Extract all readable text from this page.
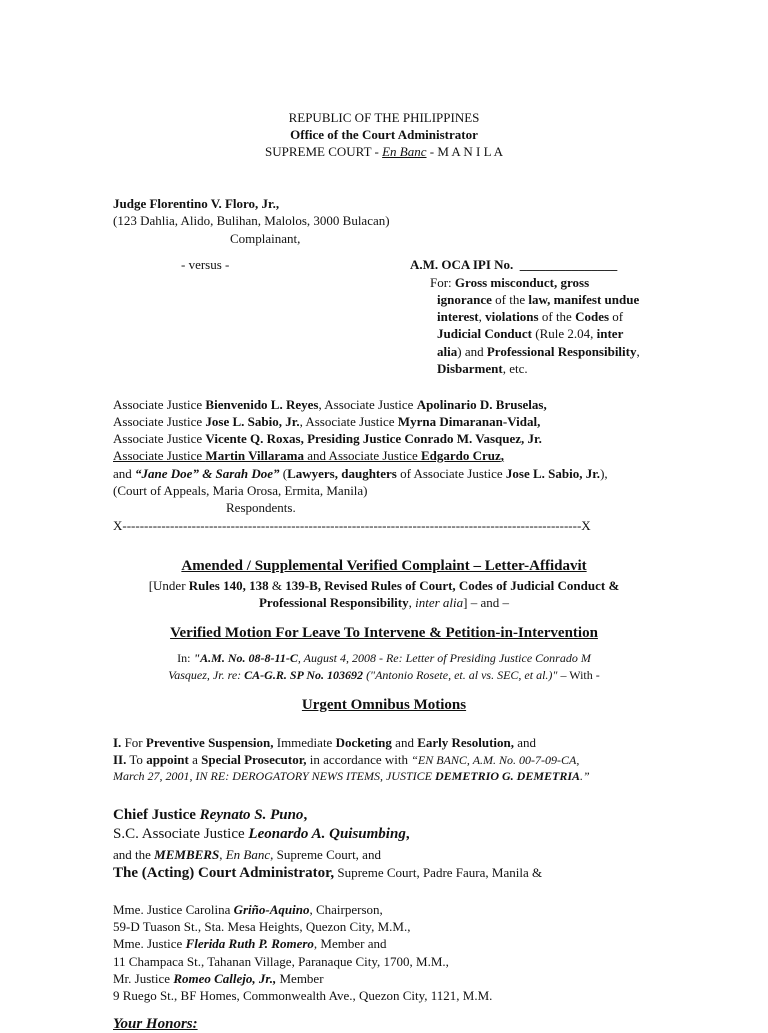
REPUBLIC OF THE PHILIPPINES
Office of the Court Administrator
SUPREME COURT - En Banc - M A N I L A
Judge Florentino V. Floro, Jr.,
(123 Dahlia, Alido, Bulihan, Malolos, 3000 Bulacan)
Complainant,
- versus -	A.M. OCA IPI No. _______________
For: Gross misconduct, gross
ignorance of the law, manifest undue
interest, violations of the Codes of
Judicial Conduct (Rule 2.04, inter
alia) and Professional Responsibility,
Disbarment, etc.
Associate Justice Bienvenido L. Reyes, Associate Justice Apolinario D. Bruselas,
Associate Justice Jose L. Sabio, Jr., Associate Justice Myrna Dimaranan-Vidal,
Associate Justice Vicente Q. Roxas, Presiding Justice Conrado M. Vasquez, Jr.
Associate Justice Martin Villarama and Associate Justice Edgardo Cruz,
and “Jane Doe” & Sarah Doe” (Lawyers, daughters of Associate Justice Jose L. Sabio, Jr.),
(Court of Appeals, Maria Orosa, Ermita, Manila)
Respondents.
X----------------------------------------------------------------------------------------------------------X
Amended / Supplemental Verified Complaint – Letter-Affidavit
[Under Rules 140, 138 & 139-B, Revised Rules of Court, Codes of Judicial Conduct &
Professional Responsibility, inter alia] – and –
Verified Motion For Leave To Intervene & Petition-in-Intervention
In: "A.M. No. 08-8-11-C, August 4, 2008 - Re: Letter of Presiding Justice Conrado M
Vasquez, Jr. re: CA-G.R. SP No. 103692 ("Antonio Rosete, et. al vs. SEC, et al.)" – With -
Urgent Omnibus Motions
I. For Preventive Suspension, Immediate Docketing and Early Resolution, and
II. To appoint a Special Prosecutor, in accordance with “EN BANC, A.M. No. 00-7-09-CA,
March 27, 2001, IN RE: DEROGATORY NEWS ITEMS, JUSTICE DEMETRIO G. DEMETRIA.”
Chief Justice Reynato S. Puno,
S.C. Associate Justice Leonardo A. Quisumbing,
and the MEMBERS, En Banc, Supreme Court, and
The (Acting) Court Administrator, Supreme Court, Padre Faura, Manila &
Mme. Justice Carolina Griño-Aquino, Chairperson,
59-D Tuason St., Sta. Mesa Heights, Quezon City, M.M.,
Mme. Justice Flerida Ruth P. Romero, Member and
11 Champaca St., Tahanan Village, Paranaque City, 1700, M.M.,
Mr. Justice Romeo Callejo, Jr., Member
9 Ruego St., BF Homes, Commonwealth Ave., Quezon City, 1121, M.M.
Your Honors:
